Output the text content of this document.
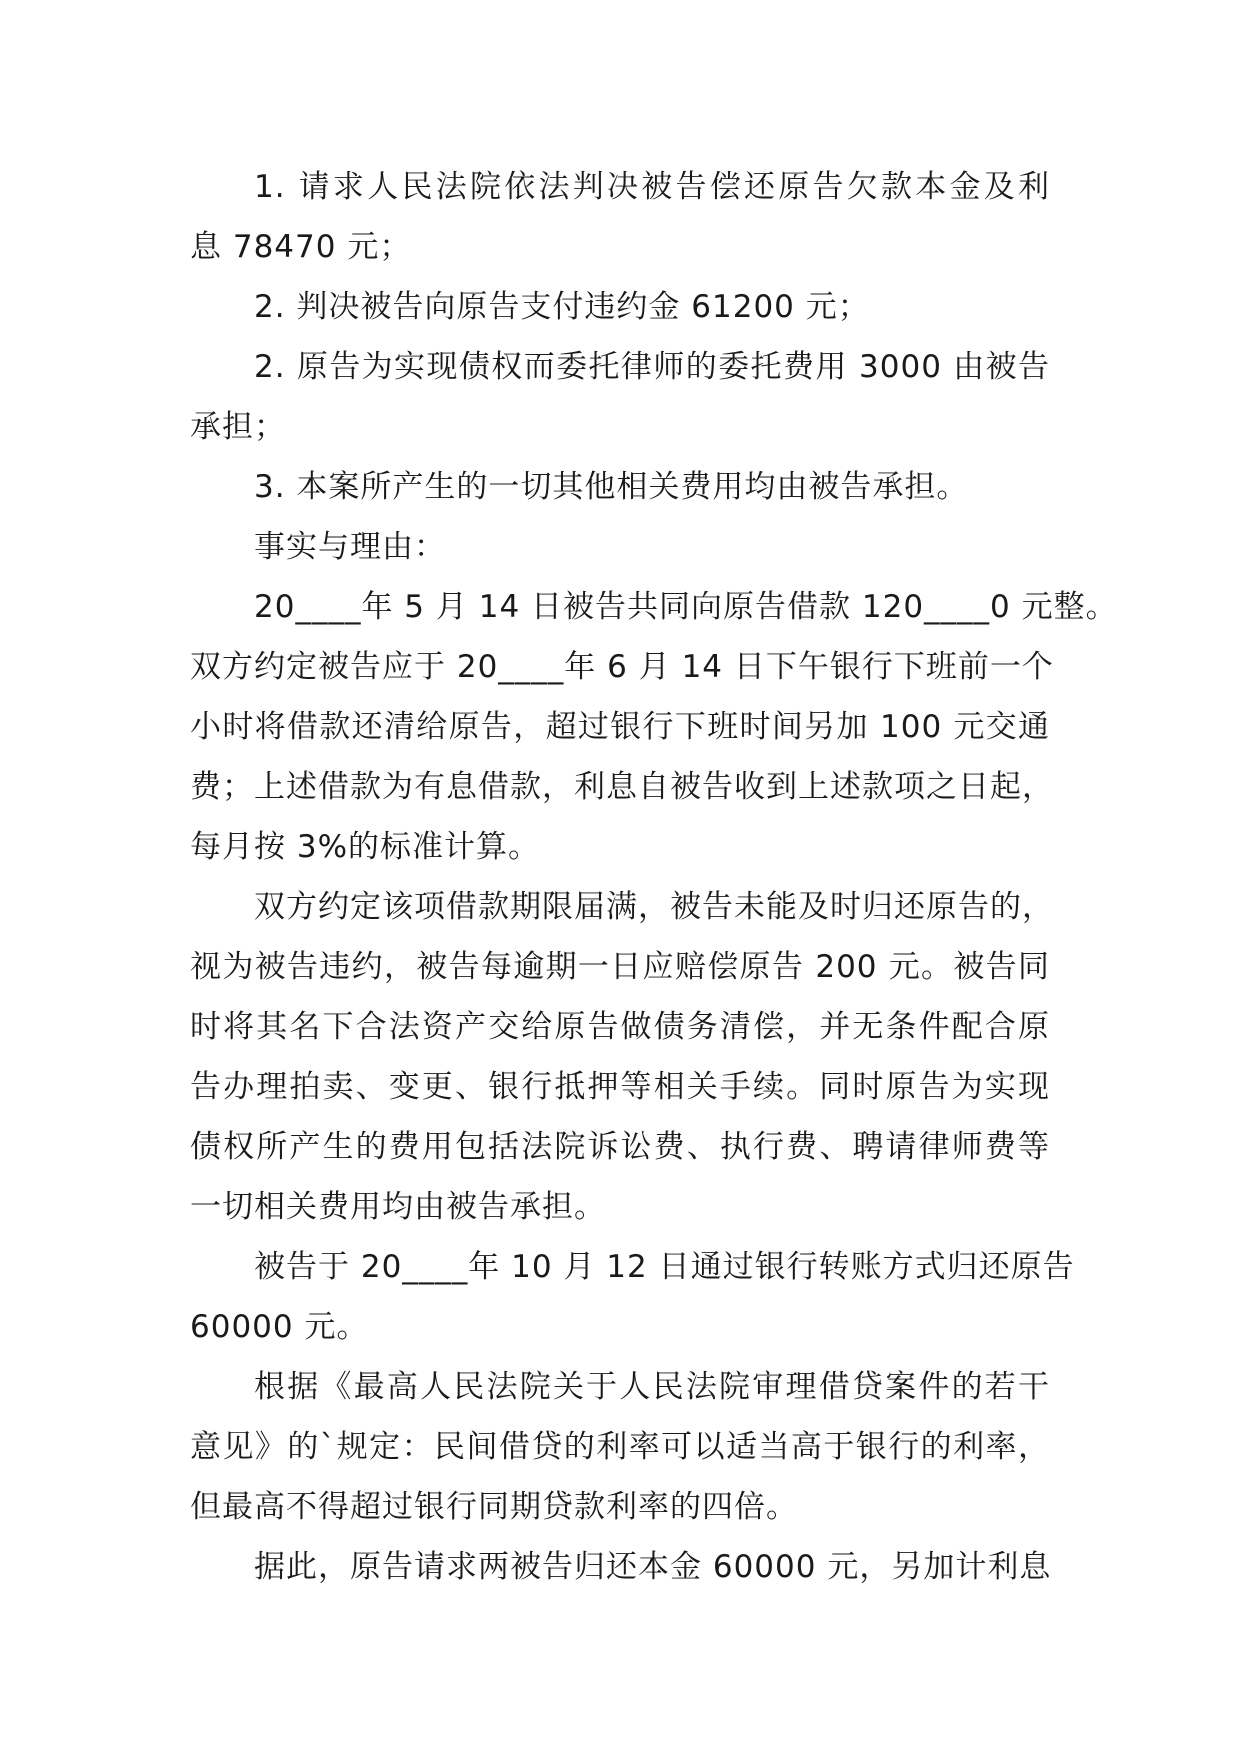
1. 请求人民法院依法判决被告偿还原告欠款本金及利
息 78470 元；
2. 判决被告向原告支付违约金 61200 元；
2. 原告为实现债权而委托律师的委托费用 3000 由被告
承担；
3. 本案所产生的一切其他相关费用均由被告承担。
事实与理由：
20____年 5 月 14 日被告共同向原告借款 120____0 元整。
双方约定被告应于 20____年 6 月 14 日下午银行下班前一个
小时将借款还清给原告，超过银行下班时间另加 100 元交通
费；上述借款为有息借款，利息自被告收到上述款项之日起，
每月按 3%的标准计算。
双方约定该项借款期限届满，被告未能及时归还原告的，
视为被告违约，被告每逾期一日应赔偿原告 200 元。被告同
时将其名下合法资产交给原告做债务清偿，并无条件配合原
告办理拍卖、变更、银行抵押等相关手续。同时原告为实现
债权所产生的费用包括法院诉讼费、执行费、聘请律师费等
一切相关费用均由被告承担。
被告于 20____年 10 月 12 日通过银行转账方式归还原告
60000 元。
根据《最高人民法院关于人民法院审理借贷案件的若干
意见》的`规定：民间借贷的利率可以适当高于银行的利率，
但最高不得超过银行同期贷款利率的四倍。
据此，原告请求两被告归还本金 60000 元，另加计利息
